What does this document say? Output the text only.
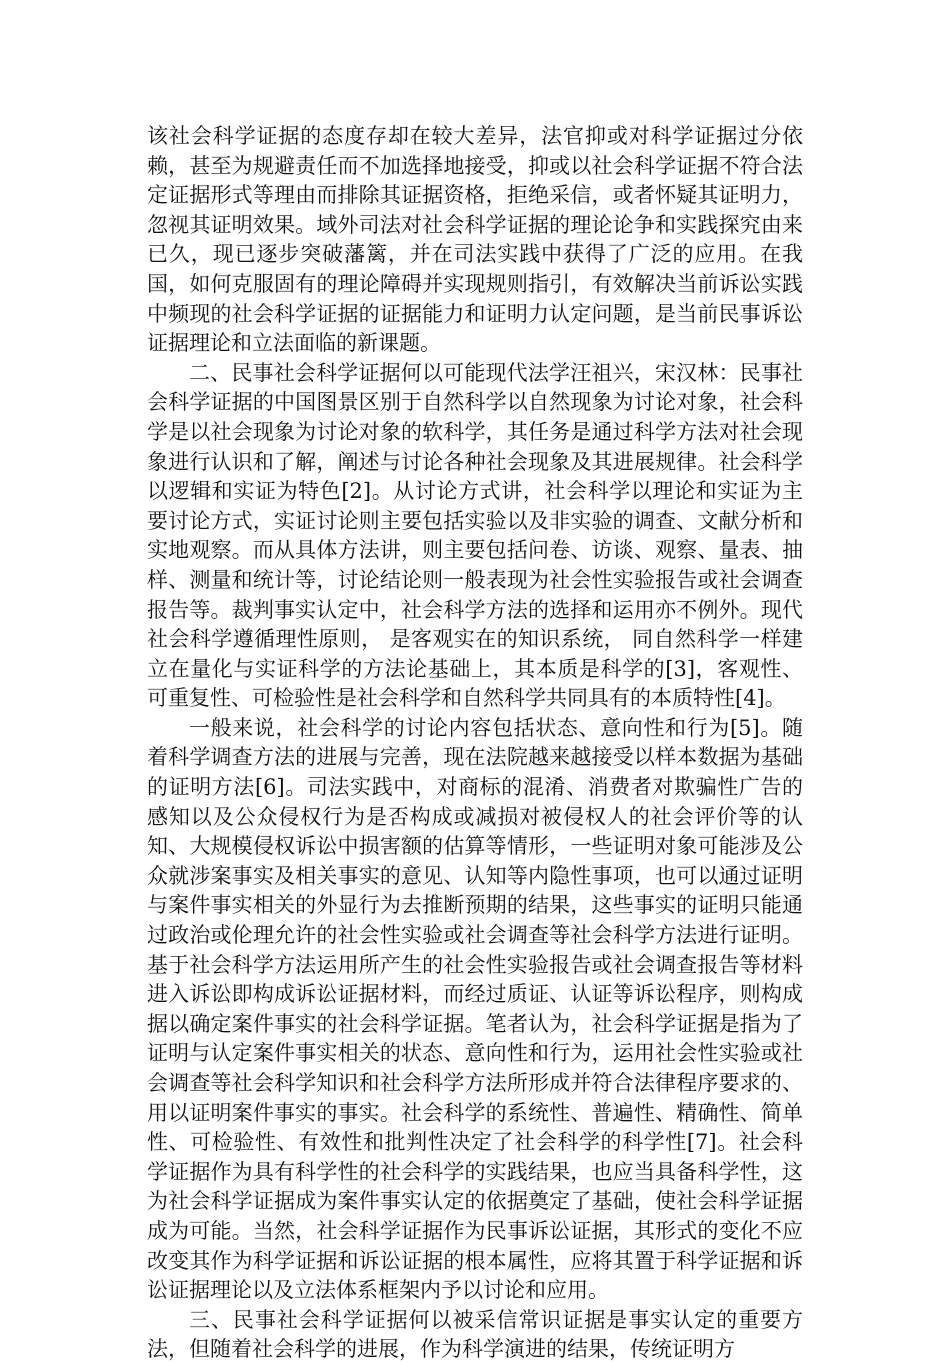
该社会科学证据的态度存却在较大差异，法官抑或对科学证据过分依赖，甚至为规避责任而不加选择地接受，抑或以社会科学证据不符合法定证据形式等理由而排除其证据资格，拒绝采信，或者怀疑其证明力，忽视其证明效果。域外司法对社会科学证据的理论论争和实践探究由来已久，现已逐步突破藩篱，并在司法实践中获得了广泛的应用。在我国，如何克服固有的理论障碍并实现规则指引，有效解决当前诉讼实践中频现的社会科学证据的证据能力和证明力认定问题，是当前民事诉讼证据理论和立法面临的新课题。

二、民事社会科学证据何以可能现代法学汪祖兴，宋汉林：民事社会科学证据的中国图景区别于自然科学以自然现象为讨论对象，社会科学是以社会现象为讨论对象的软科学，其任务是通过科学方法对社会现象进行认识和了解，阐述与讨论各种社会现象及其进展规律。社会科学以逻辑和实证为特色[2]。从讨论方式讲，社会科学以理论和实证为主要讨论方式，实证讨论则主要包括实验以及非实验的调查、文献分析和实地观察。而从具体方法讲，则主要包括问卷、访谈、观察、量表、抽样、测量和统计等，讨论结论则一般表现为社会性实验报告或社会调查报告等。裁判事实认定中，社会科学方法的选择和运用亦不例外。现代社会科学遵循理性原则， 是客观实在的知识系统， 同自然科学一样建立在量化与实证科学的方法论基础上，其本质是科学的[3]，客观性、可重复性、可检验性是社会科学和自然科学共同具有的本质特性[4]。

一般来说，社会科学的讨论内容包括状态、意向性和行为[5]。随着科学调查方法的进展与完善，现在法院越来越接受以样本数据为基础的证明方法[6]。司法实践中，对商标的混淆、消费者对欺骗性广告的感知以及公众侵权行为是否构成或减损对被侵权人的社会评价等的认知、大规模侵权诉讼中损害额的估算等情形，一些证明对象可能涉及公众就涉案事实及相关事实的意见、认知等内隐性事项，也可以通过证明与案件事实相关的外显行为去推断预期的结果，这些事实的证明只能通过政治或伦理允许的社会性实验或社会调查等社会科学方法进行证明。基于社会科学方法运用所产生的社会性实验报告或社会调查报告等材料进入诉讼即构成诉讼证据材料，而经过质证、认证等诉讼程序，则构成据以确定案件事实的社会科学证据。笔者认为，社会科学证据是指为了证明与认定案件事实相关的状态、意向性和行为，运用社会性实验或社会调查等社会科学知识和社会科学方法所形成并符合法律程序要求的、用以证明案件事实的事实。社会科学的系统性、普遍性、精确性、简单性、可检验性、有效性和批判性决定了社会科学的科学性[7]。社会科学证据作为具有科学性的社会科学的实践结果，也应当具备科学性，这为社会科学证据成为案件事实认定的依据奠定了基础，使社会科学证据成为可能。当然，社会科学证据作为民事诉讼证据，其形式的变化不应改变其作为科学证据和诉讼证据的根本属性，应将其置于科学证据和诉讼证据理论以及立法体系框架内予以讨论和应用。

三、民事社会科学证据何以被采信常识证据是事实认定的重要方法，但随着社会科学的进展，作为科学演进的结果，传统证明方
